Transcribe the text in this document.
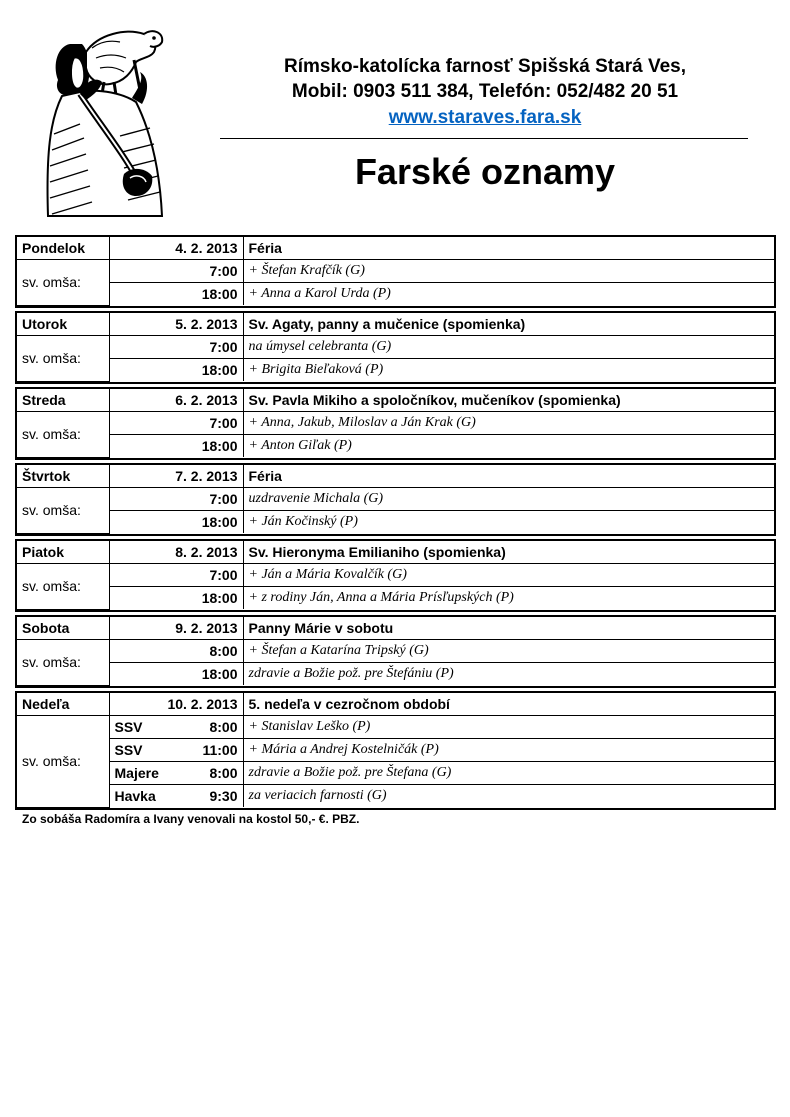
Rímsko-katolícka farnosť Spišská Stará Ves,
Mobil: 0903 511 384, Telefón: 052/482 20 51
www.staraves.fara.sk
Farské oznamy
Pondelok	4. 2. 2013	Féria
sv. omša:	7:00	+ Štefan Krafčík (G)
	18:00	+ Anna a Karol Urda (P)
Utorok	5. 2. 2013	Sv. Agaty, panny a mučenice (spomienka)
sv. omša:	7:00	na úmysel celebranta (G)
	18:00	+ Brigita Bieľaková (P)
Streda	6. 2. 2013	Sv. Pavla Mikiho a spoločníkov, mučeníkov (spomienka)
sv. omša:	7:00	+ Anna, Jakub, Miloslav a Ján Krak (G)
	18:00	+ Anton Giľak (P)
Štvrtok	7. 2. 2013	Féria
sv. omša:	7:00	uzdravenie Michala (G)
	18:00	+ Ján Kočinský (P)
Piatok	8. 2. 2013	Sv. Hieronyma Emilianiho (spomienka)
sv. omša:	7:00	+ Ján a Mária Kovalčík (G)
	18:00	+ z rodiny Ján, Anna a Mária Prísľupských (P)
Sobota	9. 2. 2013	Panny Márie v sobotu
sv. omša:	8:00	+ Štefan a Katarína Tripský (G)
	18:00	zdravie a Božie pož. pre Štefániu (P)
Nedeľa	10. 2. 2013		5. nedeľa v cezročnom období
sv. omša:	SSV	8:00	+ Stanislav Leško (P)
	SSV	11:00	+ Mária a Andrej Kostelničák (P)
	Majere	8:00	zdravie a Božie pož. pre Štefana (G)
	Havka	9:30	za veriacich farnosti (G)
Zo sobáša Radomíra a Ivany venovali na kostol 50,- €. PBZ.
